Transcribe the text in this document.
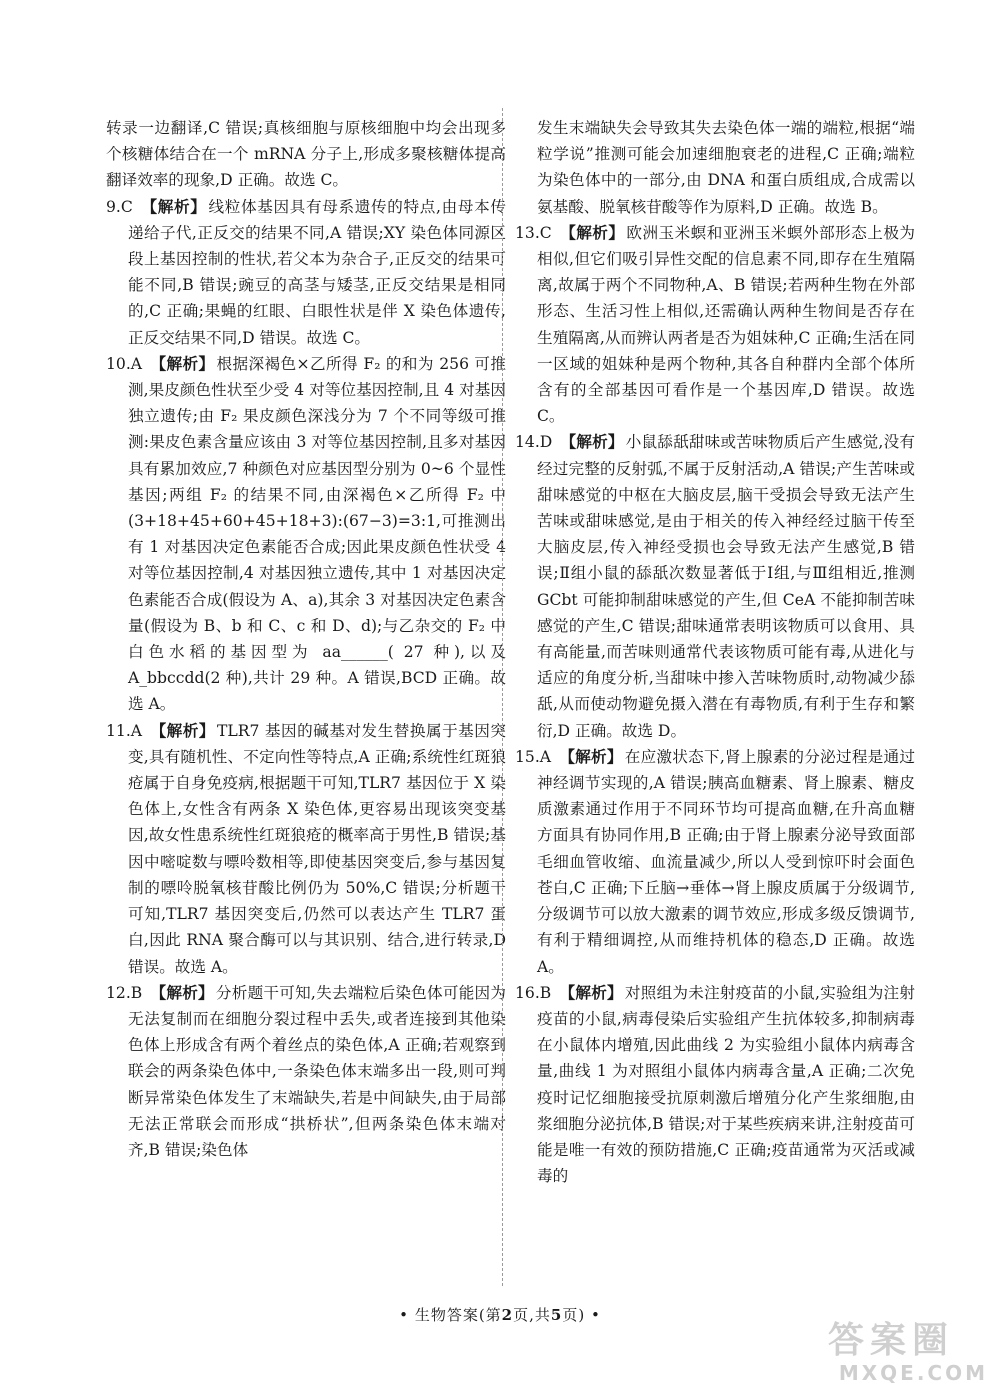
转录一边翻译,C 错误;真核细胞与原核细胞中均会出现多个核糖体结合在一个 mRNA 分子上,形成多聚核糖体提高翻译效率的现象,D 正确。故选 C。

9.C 【解析】 线粒体基因具有母系遗传的特点,由母本传递给子代,正反交的结果不同,A 错误;XY 染色体同源区段上基因控制的性状,若父本为杂合子,正反交的结果可能不同,B 错误;豌豆的高茎与矮茎,正反交结果是相同的,C 正确;果蝇的红眼、白眼性状是伴 X 染色体遗传,正反交结果不同,D 错误。故选 C。

10.A 【解析】 根据深褐色×乙所得 F₂ 的和为 256 可推测,果皮颜色性状至少受 4 对等位基因控制,且 4 对基因独立遗传;由 F₂ 果皮颜色深浅分为 7 个不同等级可推测:果皮色素含量应该由 3 对等位基因控制,且多对基因具有累加效应,7 种颜色对应基因型分别为 0~6 个显性基因;两组 F₂ 的结果不同,由深褐色×乙所得 F₂ 中(3+18+45+60+45+18+3):(67−3)=3:1,可推测出有 1 对基因决定色素能否合成;因此果皮颜色性状受 4 对等位基因控制,4 对基因独立遗传,其中 1 对基因决定色素能否合成(假设为 A、a),其余 3 对基因决定色素含量(假设为 B、b 和 C、c 和 D、d);与乙杂交的 F₂ 中白色水稻的基因型为 aa______( 27 种),以及 A_bbccdd(2 种),共计 29 种。A 错误,BCD 正确。故选 A。

11.A 【解析】 TLR7 基因的碱基对发生替换属于基因突变,具有随机性、不定向性等特点,A 正确;系统性红斑狼疮属于自身免疫病,根据题干可知,TLR7 基因位于 X 染色体上,女性含有两条 X 染色体,更容易出现该突变基因,故女性患系统性红斑狼疮的概率高于男性,B 错误;基因中嘧啶数与嘌呤数相等,即使基因突变后,参与基因复制的嘌呤脱氧核苷酸比例仍为 50%,C 错误;分析题干可知,TLR7 基因突变后,仍然可以表达产生 TLR7 蛋白,因此 RNA 聚合酶可以与其识别、结合,进行转录,D 错误。故选 A。

12.B 【解析】 分析题干可知,失去端粒后染色体可能因为无法复制而在细胞分裂过程中丢失,或者连接到其他染色体上形成含有两个着丝点的染色体,A 正确;若观察到联会的两条染色体中,一条染色体末端多出一段,则可判断异常染色体发生了末端缺失,若是中间缺失,由于局部无法正常联会而形成“拱桥状”,但两条染色体末端对齐,B 错误;染色体

发生末端缺失会导致其失去染色体一端的端粒,根据“端粒学说”推测可能会加速细胞衰老的进程,C 正确;端粒为染色体中的一部分,由 DNA 和蛋白质组成,合成需以氨基酸、脱氧核苷酸等作为原料,D 正确。故选 B。

13.C 【解析】 欧洲玉米螟和亚洲玉米螟外部形态上极为相似,但它们吸引异性交配的信息素不同,即存在生殖隔离,故属于两个不同物种,A、B 错误;若两种生物在外部形态、生活习性上相似,还需确认两种生物间是否存在生殖隔离,从而辨认两者是否为姐妹种,C 正确;生活在同一区域的姐妹种是两个物种,其各自种群内全部个体所含有的全部基因可看作是一个基因库,D 错误。故选 C。

14.D 【解析】 小鼠舔舐甜味或苦味物质后产生感觉,没有经过完整的反射弧,不属于反射活动,A 错误;产生苦味或甜味感觉的中枢在大脑皮层,脑干受损会导致无法产生苦味或甜味感觉,是由于相关的传入神经经过脑干传至大脑皮层,传入神经受损也会导致无法产生感觉,B 错误;Ⅱ组小鼠的舔舐次数显著低于Ⅰ组,与Ⅲ组相近,推测 GCbt 可能抑制甜味感觉的产生,但 CeA 不能抑制苦味感觉的产生,C 错误;甜味通常表明该物质可以食用、具有高能量,而苦味则通常代表该物质可能有毒,从进化与适应的角度分析,当甜味中掺入苦味物质时,动物减少舔舐,从而使动物避免摄入潜在有毒物质,有利于生存和繁衍,D 正确。故选 D。

15.A 【解析】 在应激状态下,肾上腺素的分泌过程是通过神经调节实现的,A 错误;胰高血糖素、肾上腺素、糖皮质激素通过作用于不同环节均可提高血糖,在升高血糖方面具有协同作用,B 正确;由于肾上腺素分泌导致面部毛细血管收缩、血流量减少,所以人受到惊吓时会面色苍白,C 正确;下丘脑→垂体→肾上腺皮质属于分级调节,分级调节可以放大激素的调节效应,形成多级反馈调节,有利于精细调控,从而维持机体的稳态,D 正确。故选 A。

16.B 【解析】 对照组为未注射疫苗的小鼠,实验组为注射疫苗的小鼠,病毒侵染后实验组产生抗体较多,抑制病毒在小鼠体内增殖,因此曲线 2 为实验组小鼠体内病毒含量,曲线 1 为对照组小鼠体内病毒含量,A 正确;二次免疫时记忆细胞接受抗原刺激后增殖分化产生浆细胞,由浆细胞分泌抗体,B 错误;对于某些疾病来讲,注射疫苗可能是唯一有效的预防措施,C 正确;疫苗通常为灭活或减毒的

• 生物答案(第2页,共5页) •
答案圈
MXQE.COM
